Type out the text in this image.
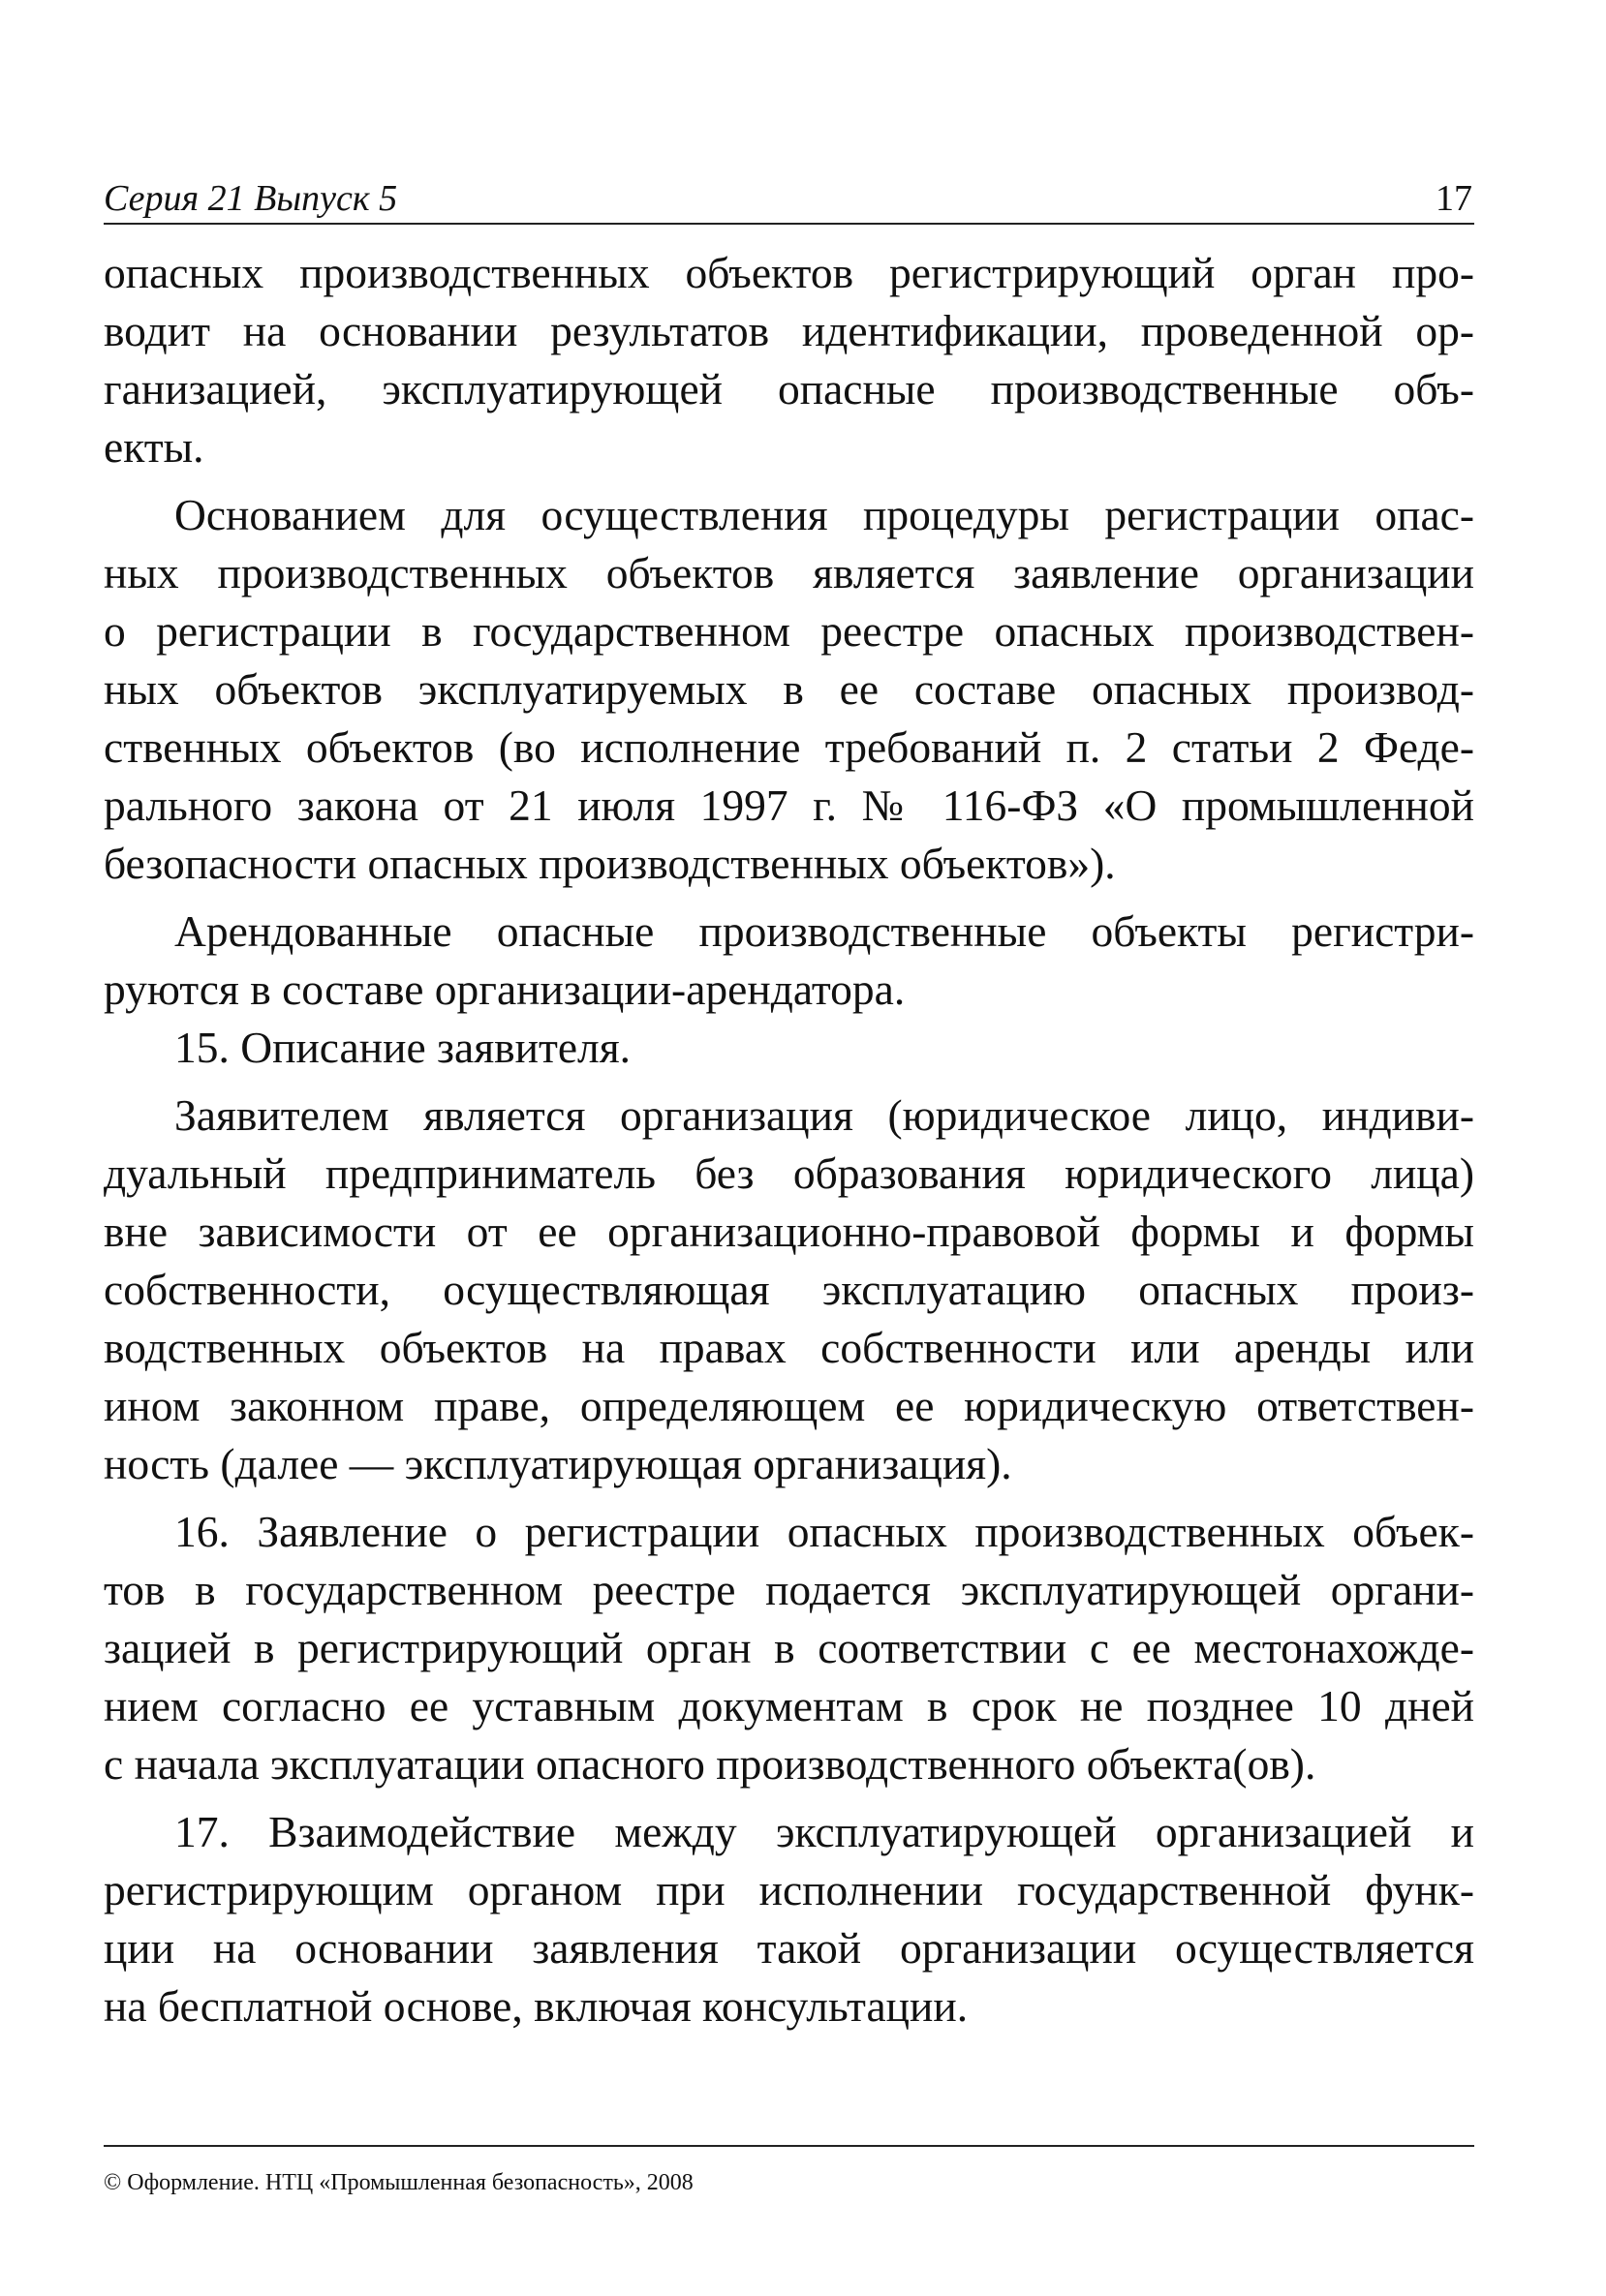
Серия 21 Выпуск 5	17
опасных производственных объектов регистрирующий орган про-
водит на основании результатов идентификации, проведенной ор-
ганизацией, эксплуатирующей опасные производственные объ-
екты.
Основанием для осуществления процедуры регистрации опас-
ных производственных объектов является заявление организации
о регистрации в государственном реестре опасных производствен-
ных объектов эксплуатируемых в ее составе опасных производ-
ственных объектов (во исполнение требований п. 2 статьи 2 Феде-
рального закона от 21 июля 1997 г. № 116-ФЗ «О промышленной
безопасности опасных производственных объектов»).
Арендованные опасные производственные объекты регистри-
руются в составе организации-арендатора.
15. Описание заявителя.
Заявителем является организация (юридическое лицо, индиви-
дуальный предприниматель без образования юридического лица)
вне зависимости от ее организационно-правовой формы и формы
собственности, осуществляющая эксплуатацию опасных произ-
водственных объектов на правах собственности или аренды или
ином законном праве, определяющем ее юридическую ответствен-
ность (далее — эксплуатирующая организация).
16. Заявление о регистрации опасных производственных объек-
тов в государственном реестре подается эксплуатирующей органи-
зацией в регистрирующий орган в соответствии с ее местонахожде-
нием согласно ее уставным документам в срок не позднее 10 дней
с начала эксплуатации опасного производственного объекта(ов).
17. Взаимодействие между эксплуатирующей организацией и
регистрирующим органом при исполнении государственной функ-
ции на основании заявления такой организации осуществляется
на бесплатной основе, включая консультации.
© Оформление. НТЦ «Промышленная безопасность», 2008
